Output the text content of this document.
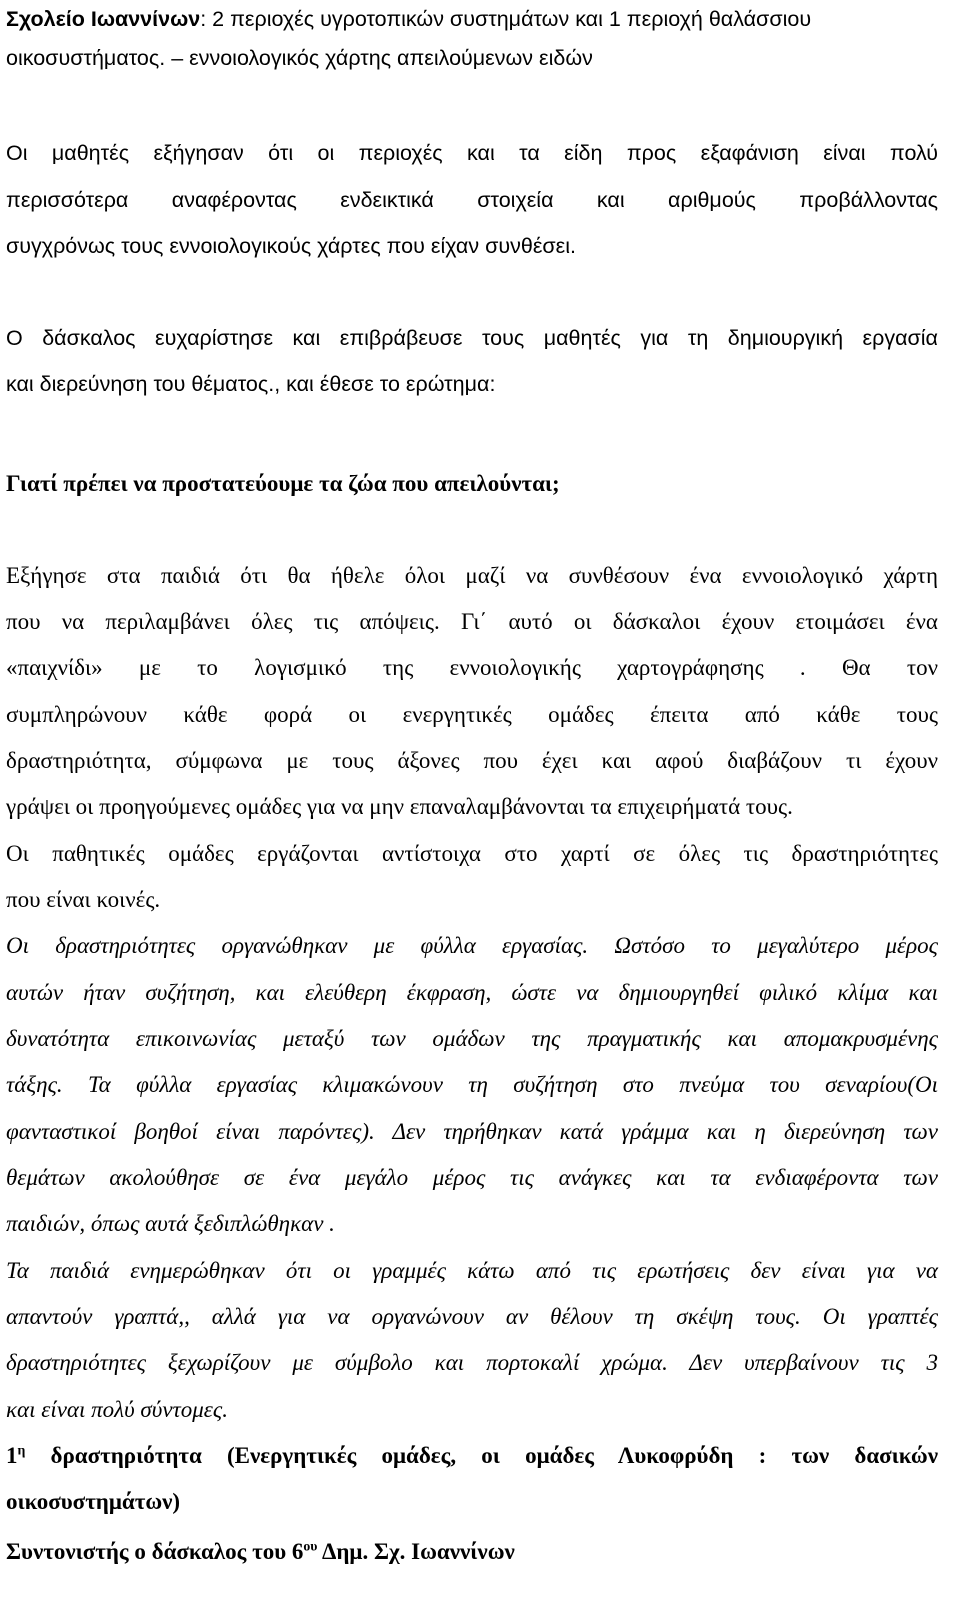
Σχολείο Ιωαννίνων: 2 περιοχές υγροτοπικών συστημάτων και 1 περιοχή θαλάσσιου
οικοσυστήματος. – εννοιολογικός χάρτης απειλούμενων ειδών
Οι μαθητές εξήγησαν ότι οι περιοχές και τα είδη προς εξαφάνιση είναι πολύ
περισσότερα αναφέροντας ενδεικτικά στοιχεία και αριθμούς προβάλλοντας
συγχρόνως τους εννοιολογικούς χάρτες που είχαν συνθέσει.
Ο δάσκαλος ευχαρίστησε και επιβράβευσε τους μαθητές για τη δημιουργική εργασία
και διερεύνηση του θέματος., και έθεσε το ερώτημα:
Γιατί πρέπει να προστατεύουμε τα ζώα που απειλούνται;
Εξήγησε στα παιδιά ότι θα ήθελε όλοι μαζί να συνθέσουν ένα εννοιολογικό χάρτη
που να περιλαμβάνει όλες τις απόψεις. Γι΄ αυτό οι δάσκαλοι έχουν ετοιμάσει ένα
«παιχνίδι» με το λογισμικό της εννοιολογικής χαρτογράφησης . Θα τον
συμπληρώνουν κάθε φορά οι ενεργητικές ομάδες έπειτα από κάθε τους
δραστηριότητα, σύμφωνα με τους άξονες που έχει και αφού διαβάζουν τι έχουν
γράψει οι προηγούμενες ομάδες για να μην επαναλαμβάνονται τα επιχειρήματά τους.
Οι παθητικές ομάδες εργάζονται αντίστοιχα στο χαρτί σε όλες τις δραστηριότητες
που είναι κοινές.
Οι δραστηριότητες οργανώθηκαν με φύλλα εργασίας. Ωστόσο το μεγαλύτερο μέρος
αυτών ήταν συζήτηση, και ελεύθερη έκφραση, ώστε να δημιουργηθεί φιλικό κλίμα και
δυνατότητα επικοινωνίας μεταξύ των ομάδων της πραγματικής και απομακρυσμένης
τάξης. Τα φύλλα εργασίας κλιμακώνουν τη συζήτηση στο πνεύμα του σεναρίου(Οι
φανταστικοί βοηθοί είναι παρόντες). Δεν τηρήθηκαν κατά γράμμα και η διερεύνηση των
θεμάτων ακολούθησε σε ένα μεγάλο μέρος τις ανάγκες και τα ενδιαφέροντα των
παιδιών, όπως αυτά ξεδιπλώθηκαν .
Τα παιδιά ενημερώθηκαν ότι οι γραμμές κάτω από τις ερωτήσεις δεν είναι για να
απαντούν γραπτά,, αλλά για να οργανώνουν αν θέλουν τη σκέψη τους. Οι γραπτές
δραστηριότητες ξεχωρίζουν με σύμβολο και πορτοκαλί χρώμα. Δεν υπερβαίνουν τις 3
και είναι πολύ σύντομες.
$1^\eta$ δραστηριότητα (Ενεργητικές ομάδες, οι ομάδες Λυκοφρύδη : των δασικών
οικοσυστημάτων)
Συντονιστής ο δάσκαλος του $6^{o\upsilon}$ Δημ. Σχ. Ιωαννίνων
